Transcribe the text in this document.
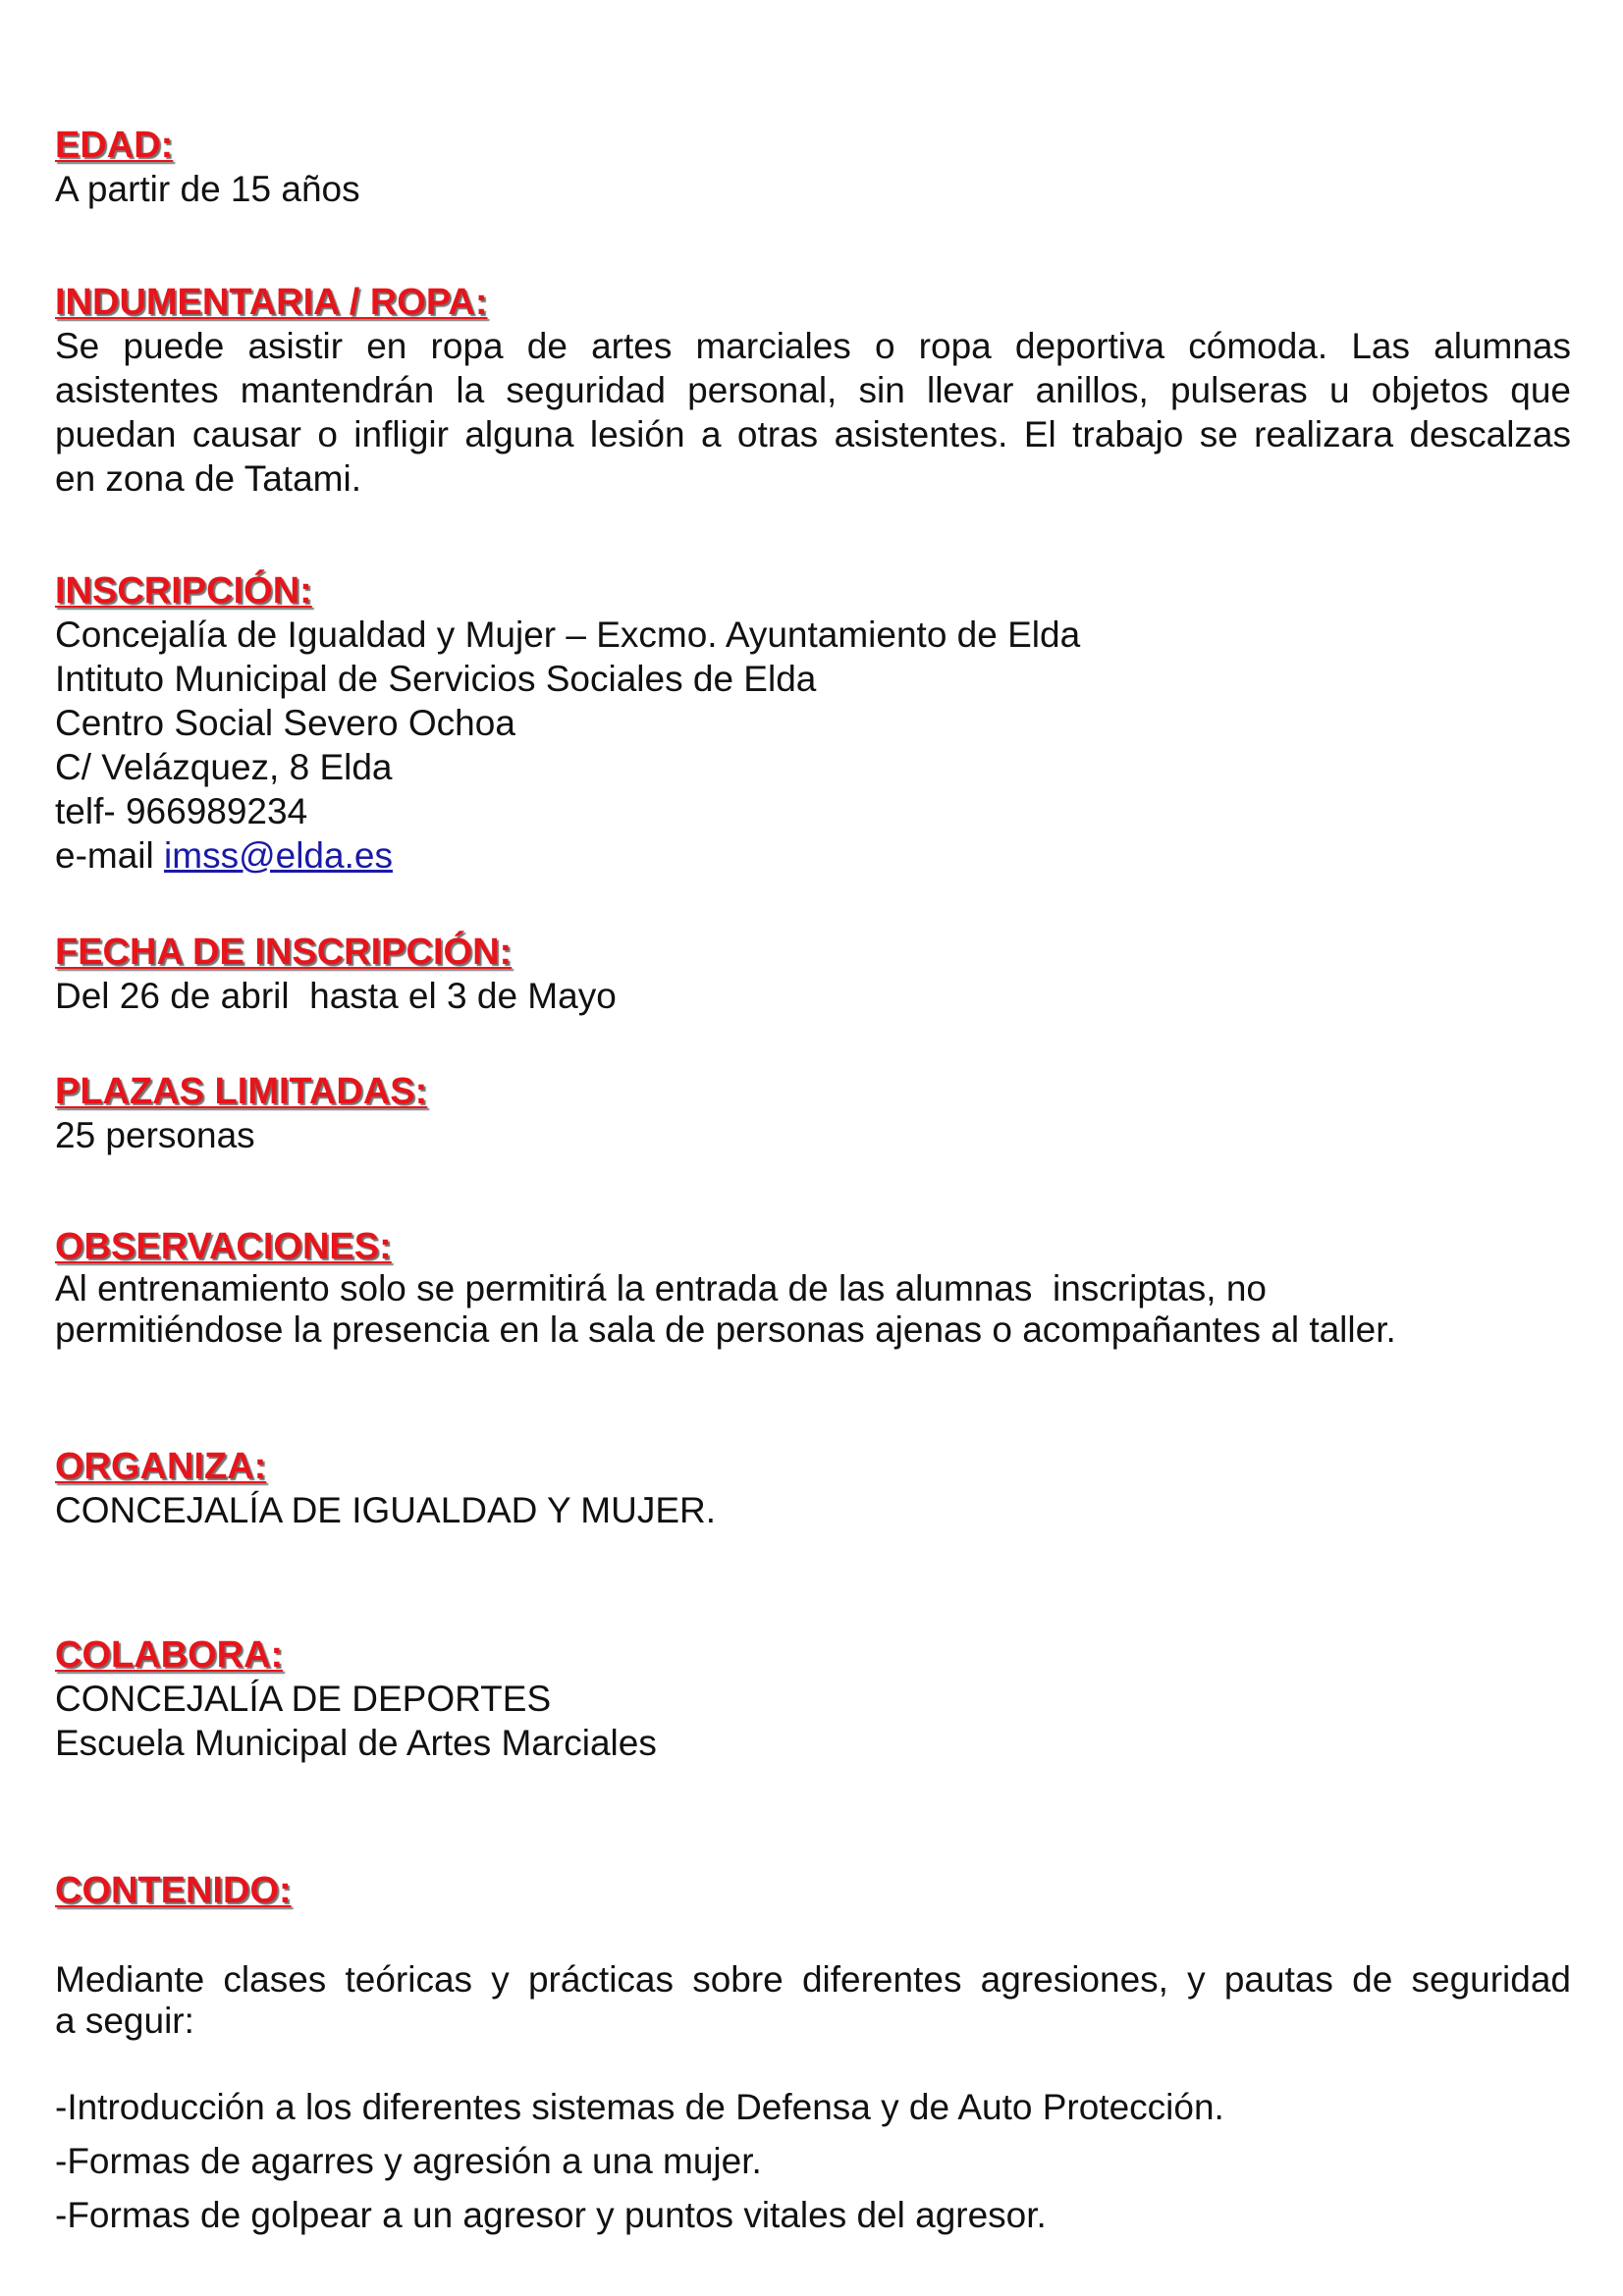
EDAD:
A partir de 15 años
INDUMENTARIA / ROPA:
Se puede asistir en ropa de artes marciales o ropa deportiva cómoda. Las alumnas
asistentes mantendrán la seguridad personal, sin llevar anillos, pulseras u objetos que
puedan causar o infligir alguna lesión a otras asistentes. El trabajo se realizara descalzas
en zona de Tatami.
INSCRIPCIÓN:
Concejalía de Igualdad y Mujer – Excmo. Ayuntamiento de Elda
Intituto Municipal de Servicios Sociales de Elda
Centro Social Severo Ochoa
C/ Velázquez, 8 Elda
telf- 966989234
e-mail imss@elda.es
FECHA DE INSCRIPCIÓN:
Del 26 de abril  hasta el 3 de Mayo
PLAZAS LIMITADAS:
25 personas
OBSERVACIONES:
Al entrenamiento solo se permitirá la entrada de las alumnas  inscriptas, no
permitiéndose la presencia en la sala de personas ajenas o acompañantes al taller.
ORGANIZA:
CONCEJALÍA DE IGUALDAD Y MUJER.
COLABORA:
CONCEJALÍA DE DEPORTES
Escuela Municipal de Artes Marciales
CONTENIDO:
Mediante clases teóricas y prácticas sobre diferentes agresiones, y pautas de seguridad
a seguir:
-Introducción a los diferentes sistemas de Defensa y de Auto Protección.
-Formas de agarres y agresión a una mujer.
-Formas de golpear a un agresor y puntos vitales del agresor.
